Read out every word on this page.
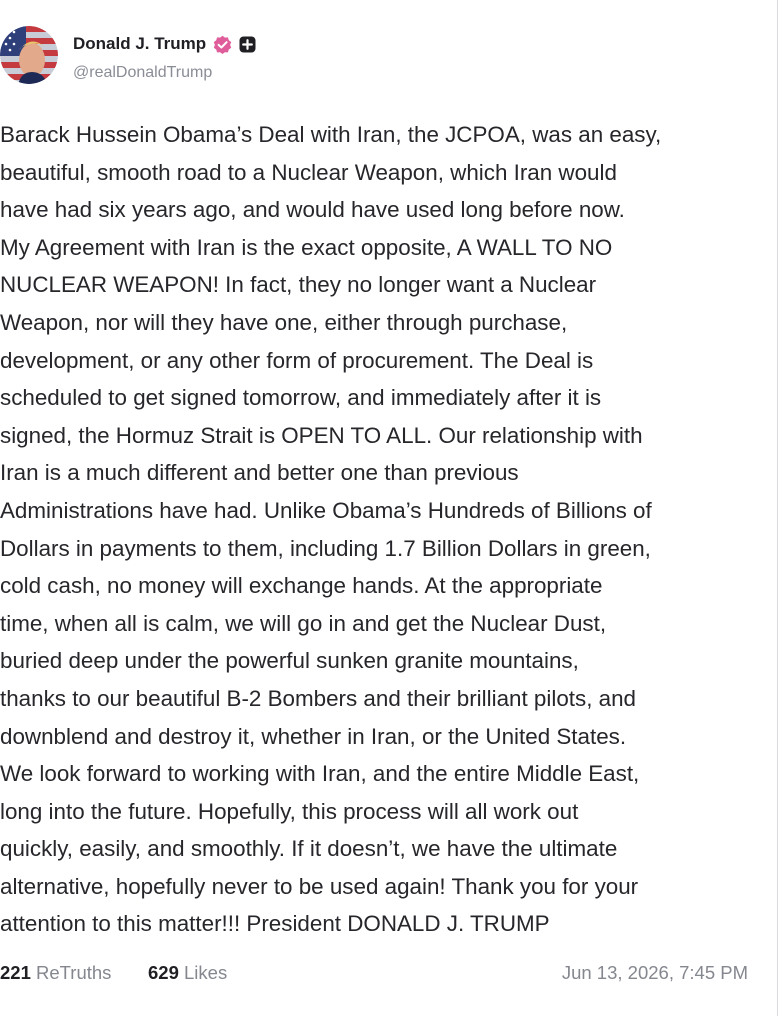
Donald J. Trump
@realDonaldTrump
Barack Hussein Obama’s Deal with Iran, the JCPOA, was an easy,
beautiful, smooth road to a Nuclear Weapon, which Iran would
have had six years ago, and would have used long before now.
My Agreement with Iran is the exact opposite, A WALL TO NO
NUCLEAR WEAPON! In fact, they no longer want a Nuclear
Weapon, nor will they have one, either through purchase,
development, or any other form of procurement. The Deal is
scheduled to get signed tomorrow, and immediately after it is
signed, the Hormuz Strait is OPEN TO ALL. Our relationship with
Iran is a much different and better one than previous
Administrations have had. Unlike Obama’s Hundreds of Billions of
Dollars in payments to them, including 1.7 Billion Dollars in green,
cold cash, no money will exchange hands. At the appropriate
time, when all is calm, we will go in and get the Nuclear Dust,
buried deep under the powerful sunken granite mountains,
thanks to our beautiful B-2 Bombers and their brilliant pilots, and
downblend and destroy it, whether in Iran, or the United States.
We look forward to working with Iran, and the entire Middle East,
long into the future. Hopefully, this process will all work out
quickly, easily, and smoothly. If it doesn’t, we have the ultimate
alternative, hopefully never to be used again! Thank you for your
attention to this matter!!! President DONALD J. TRUMP
221 ReTruths 629 Likes	Jun 13, 2026, 7:45 PM
